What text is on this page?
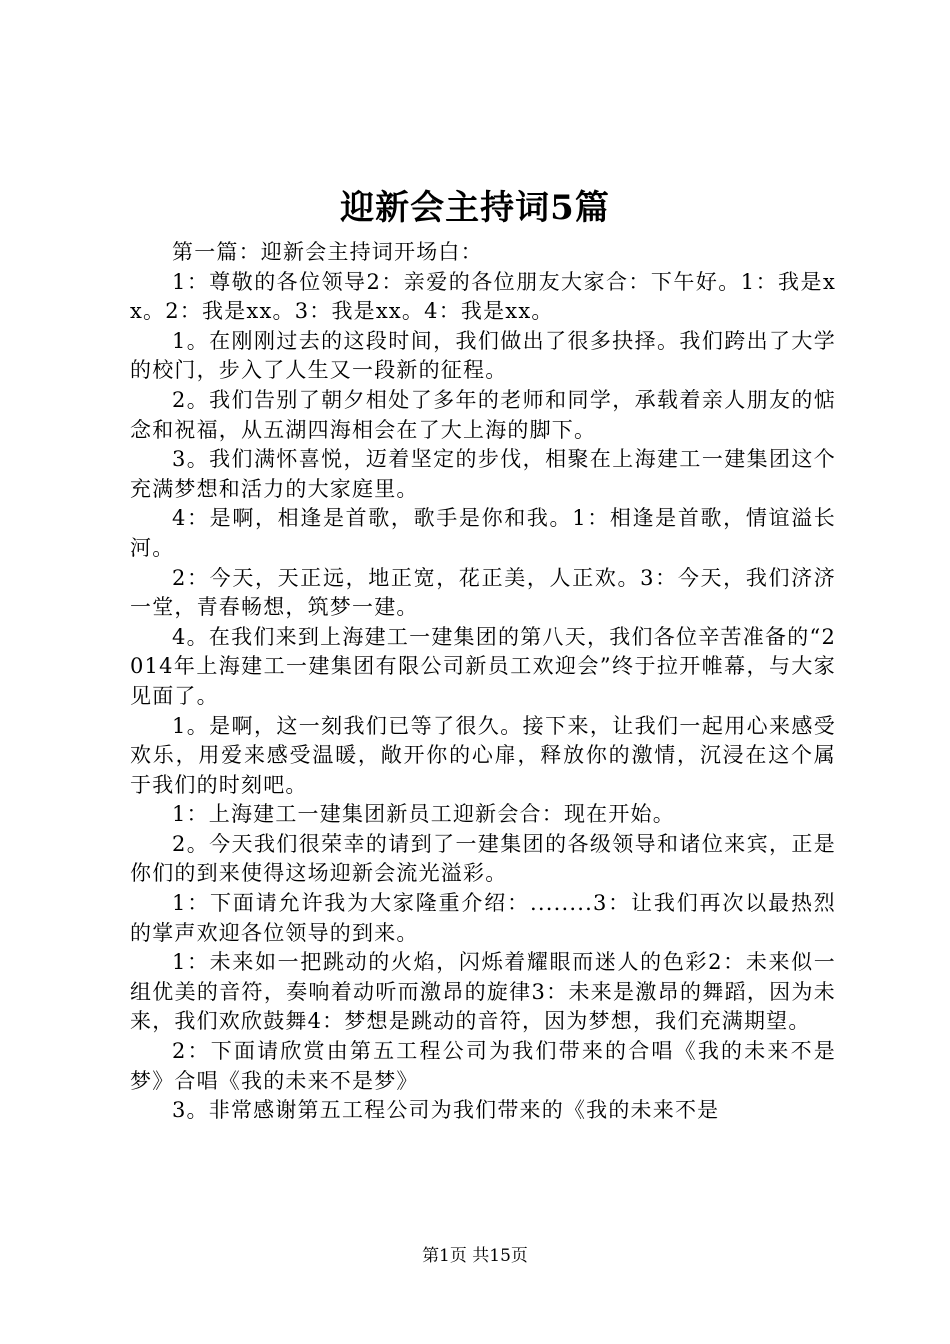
迎新会主持词5篇

第一篇：迎新会主持词开场白：

1：尊敬的各位领导2：亲爱的各位朋友大家合：下午好。1：我是xx。2：我是xx。3：我是xx。4：我是xx。

1。在刚刚过去的这段时间，我们做出了很多抉择。我们跨出了大学的校门，步入了人生又一段新的征程。

2。我们告别了朝夕相处了多年的老师和同学，承载着亲人朋友的惦念和祝福，从五湖四海相会在了大上海的脚下。

3。我们满怀喜悦，迈着坚定的步伐，相聚在上海建工一建集团这个充满梦想和活力的大家庭里。

4：是啊，相逢是首歌，歌手是你和我。1：相逢是首歌，情谊溢长河。

2：今天，天正远，地正宽，花正美，人正欢。3：今天，我们济济一堂，青春畅想，筑梦一建。

4。在我们来到上海建工一建集团的第八天，我们各位辛苦准备的“2014年上海建工一建集团有限公司新员工欢迎会”终于拉开帷幕，与大家见面了。

1。是啊，这一刻我们已等了很久。接下来，让我们一起用心来感受欢乐，用爱来感受温暖，敞开你的心扉，释放你的激情，沉浸在这个属于我们的时刻吧。

1：上海建工一建集团新员工迎新会合：现在开始。

2。今天我们很荣幸的请到了一建集团的各级领导和诸位来宾，正是你们的到来使得这场迎新会流光溢彩。

1：下面请允许我为大家隆重介绍：........3：让我们再次以最热烈的掌声欢迎各位领导的到来。

1：未来如一把跳动的火焰，闪烁着耀眼而迷人的色彩2：未来似一组优美的音符，奏响着动听而激昂的旋律3：未来是激昂的舞蹈，因为未来，我们欢欣鼓舞4：梦想是跳动的音符，因为梦想，我们充满期望。

2：下面请欣赏由第五工程公司为我们带来的合唱《我的未来不是梦》合唱《我的未来不是梦》

3。非常感谢第五工程公司为我们带来的《我的未来不是

第1页 共15页
